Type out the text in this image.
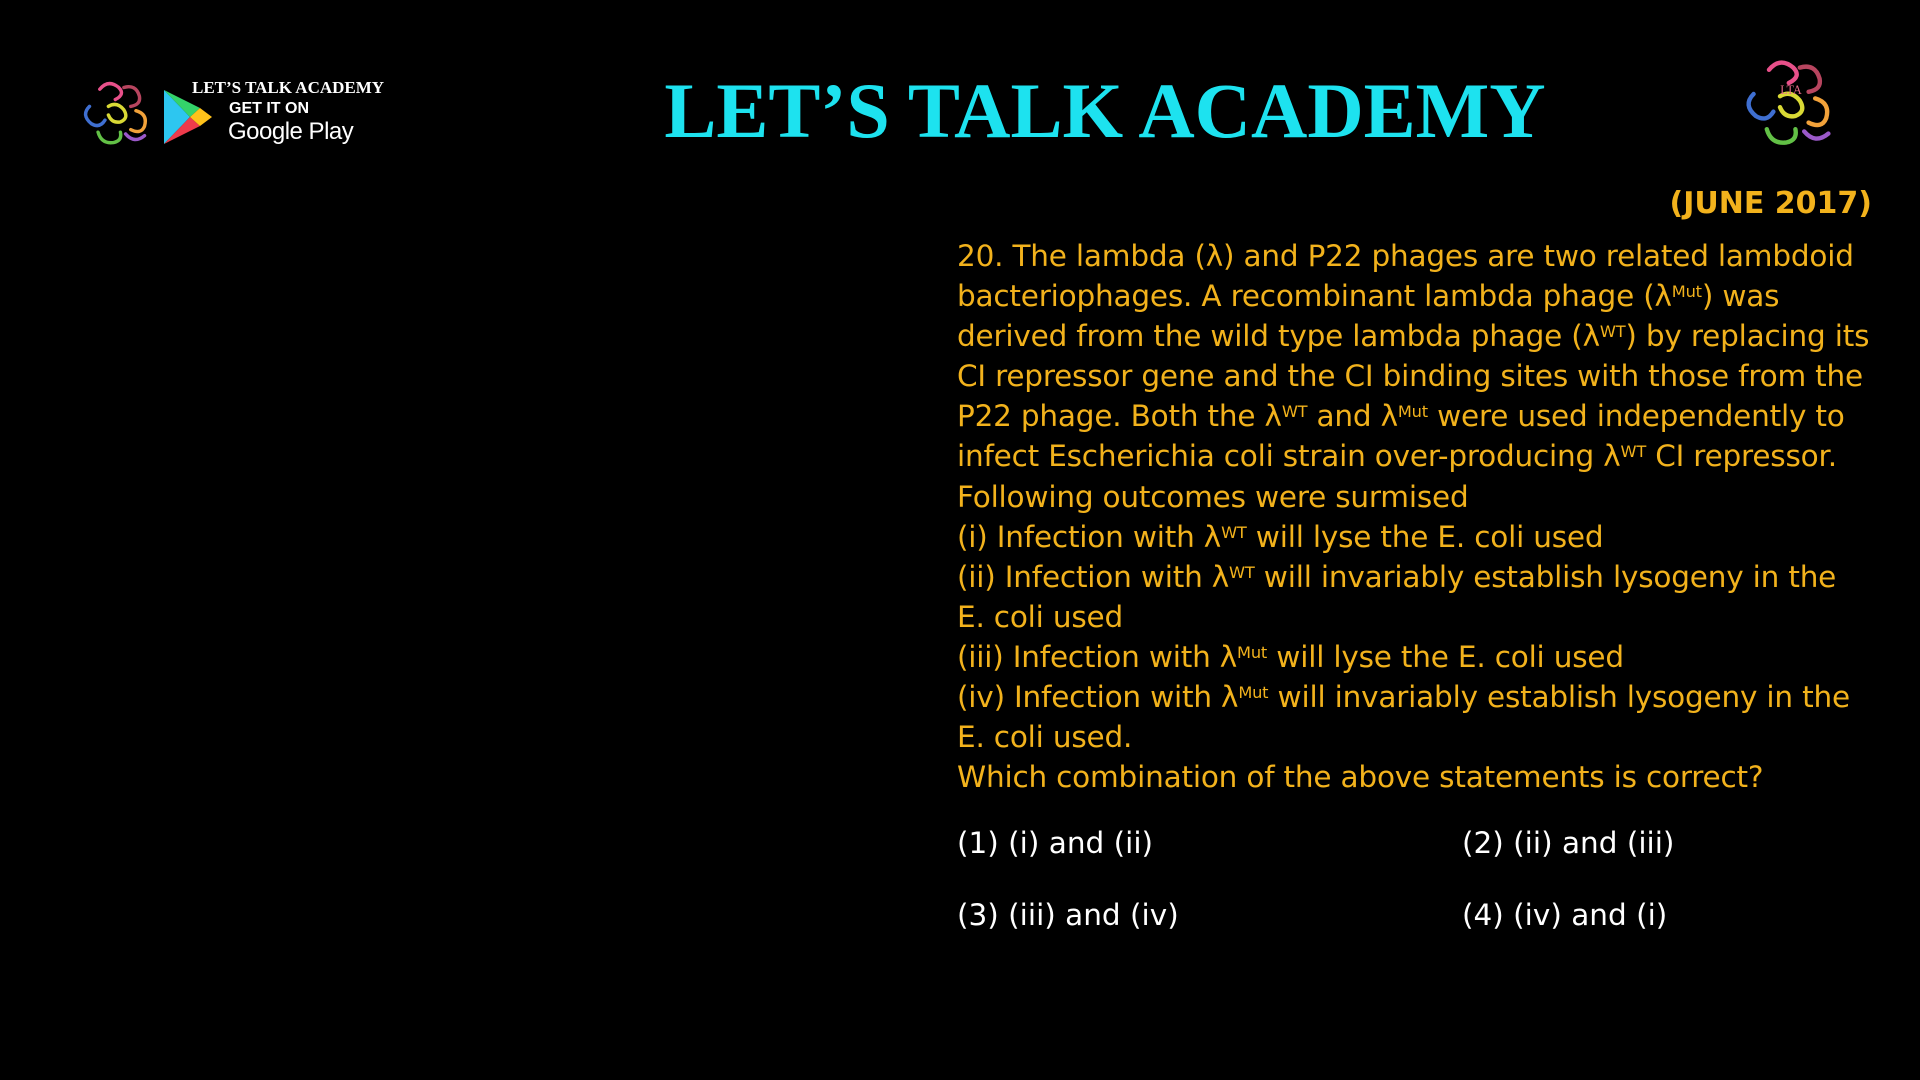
LET’S TALK ACADEMY
GET IT ON
Google Play	LET’S TALK ACADEMY	LTA
(JUNE 2017)
20. The lambda (λ) and P22 phages are two related lambdoid
bacteriophages. A recombinant lambda phage $(\lambda^{Mut})$ was
derived from the wild type lambda phage $(\lambda^{WT})$ by replacing its
CI repressor gene and the CI binding sites with those from the
P22 phage. Both the $\lambda^{WT}$ and $\lambda^{Mut}$ were used independently to
infect Escherichia coli strain over-producing $\lambda^{WT}$ CI repressor.
Following outcomes were surmised
(i) Infection with $\lambda^{WT}$ will lyse the E. coli used
(ii) Infection with $\lambda^{WT}$ will invariably establish lysogeny in the
E. coli used
(iii) Infection with $\lambda^{Mut}$ will lyse the E. coli used
(iv) Infection with $\lambda^{Mut}$ will invariably establish lysogeny in the
E. coli used.
Which combination of the above statements is correct?
(1) (i) and (ii)	(2) (ii) and (iii)
(3) (iii) and (iv)	(4) (iv) and (i)
